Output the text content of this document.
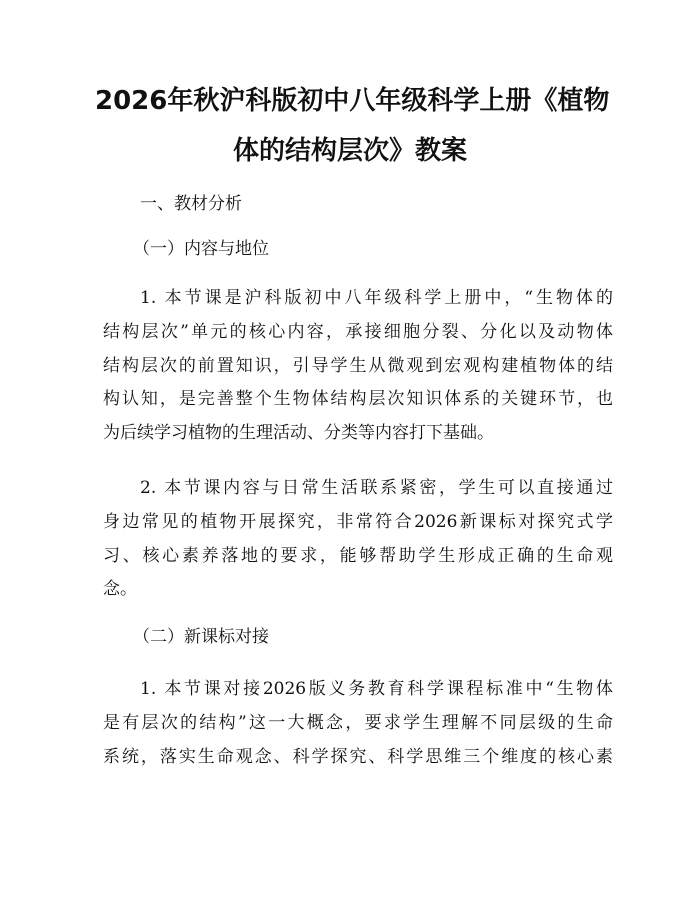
2026年秋沪科版初中八年级科学上册《植物
体的结构层次》教案
一、教材分析
（一）内容与地位
1. 本节课是沪科版初中八年级科学上册中，“生物体的
结构层次”单元的核心内容，承接细胞分裂、分化以及动物体
结构层次的前置知识，引导学生从微观到宏观构建植物体的结
构认知，是完善整个生物体结构层次知识体系的关键环节，也
为后续学习植物的生理活动、分类等内容打下基础。
2. 本节课内容与日常生活联系紧密，学生可以直接通过
身边常见的植物开展探究，非常符合2026新课标对探究式学
习、核心素养落地的要求，能够帮助学生形成正确的生命观
念。
（二）新课标对接
1. 本节课对接2026版义务教育科学课程标准中“生物体
是有层次的结构”这一大概念，要求学生理解不同层级的生命
系统，落实生命观念、科学探究、科学思维三个维度的核心素
